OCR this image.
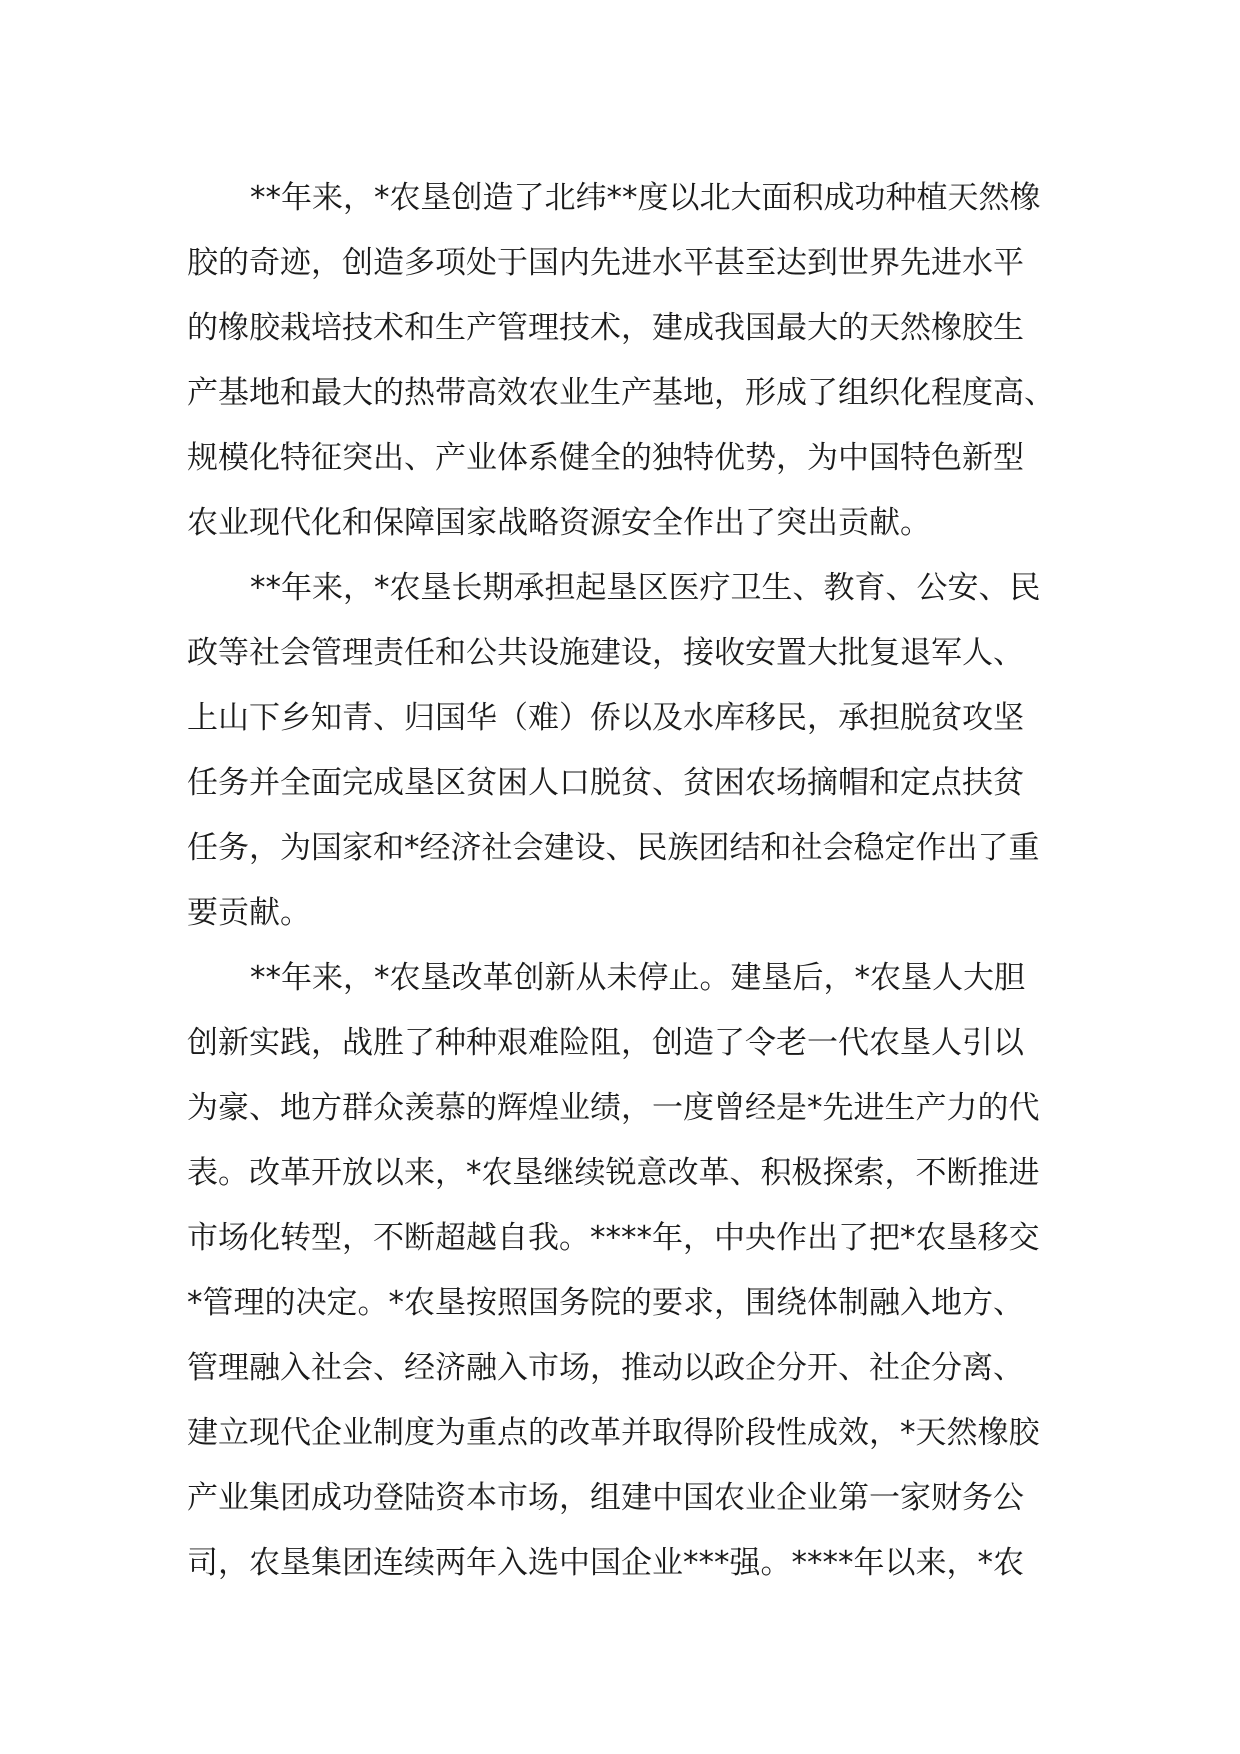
**年来，*农垦创造了北纬**度以北大面积成功种植天然橡
胶的奇迹，创造多项处于国内先进水平甚至达到世界先进水平
的橡胶栽培技术和生产管理技术，建成我国最大的天然橡胶生
产基地和最大的热带高效农业生产基地，形成了组织化程度高、
规模化特征突出、产业体系健全的独特优势，为中国特色新型
农业现代化和保障国家战略资源安全作出了突出贡献。
**年来，*农垦长期承担起垦区医疗卫生、教育、公安、民
政等社会管理责任和公共设施建设，接收安置大批复退军人、
上山下乡知青、归国华（难）侨以及水库移民，承担脱贫攻坚
任务并全面完成垦区贫困人口脱贫、贫困农场摘帽和定点扶贫
任务，为国家和*经济社会建设、民族团结和社会稳定作出了重
要贡献。
**年来，*农垦改革创新从未停止。建垦后，*农垦人大胆
创新实践，战胜了种种艰难险阻，创造了令老一代农垦人引以
为豪、地方群众羡慕的辉煌业绩，一度曾经是*先进生产力的代
表。改革开放以来，*农垦继续锐意改革、积极探索，不断推进
市场化转型，不断超越自我。****年，中央作出了把*农垦移交
*管理的决定。*农垦按照国务院的要求，围绕体制融入地方、
管理融入社会、经济融入市场，推动以政企分开、社企分离、
建立现代企业制度为重点的改革并取得阶段性成效，*天然橡胶
产业集团成功登陆资本市场，组建中国农业企业第一家财务公
司，农垦集团连续两年入选中国企业***强。****年以来，*农
